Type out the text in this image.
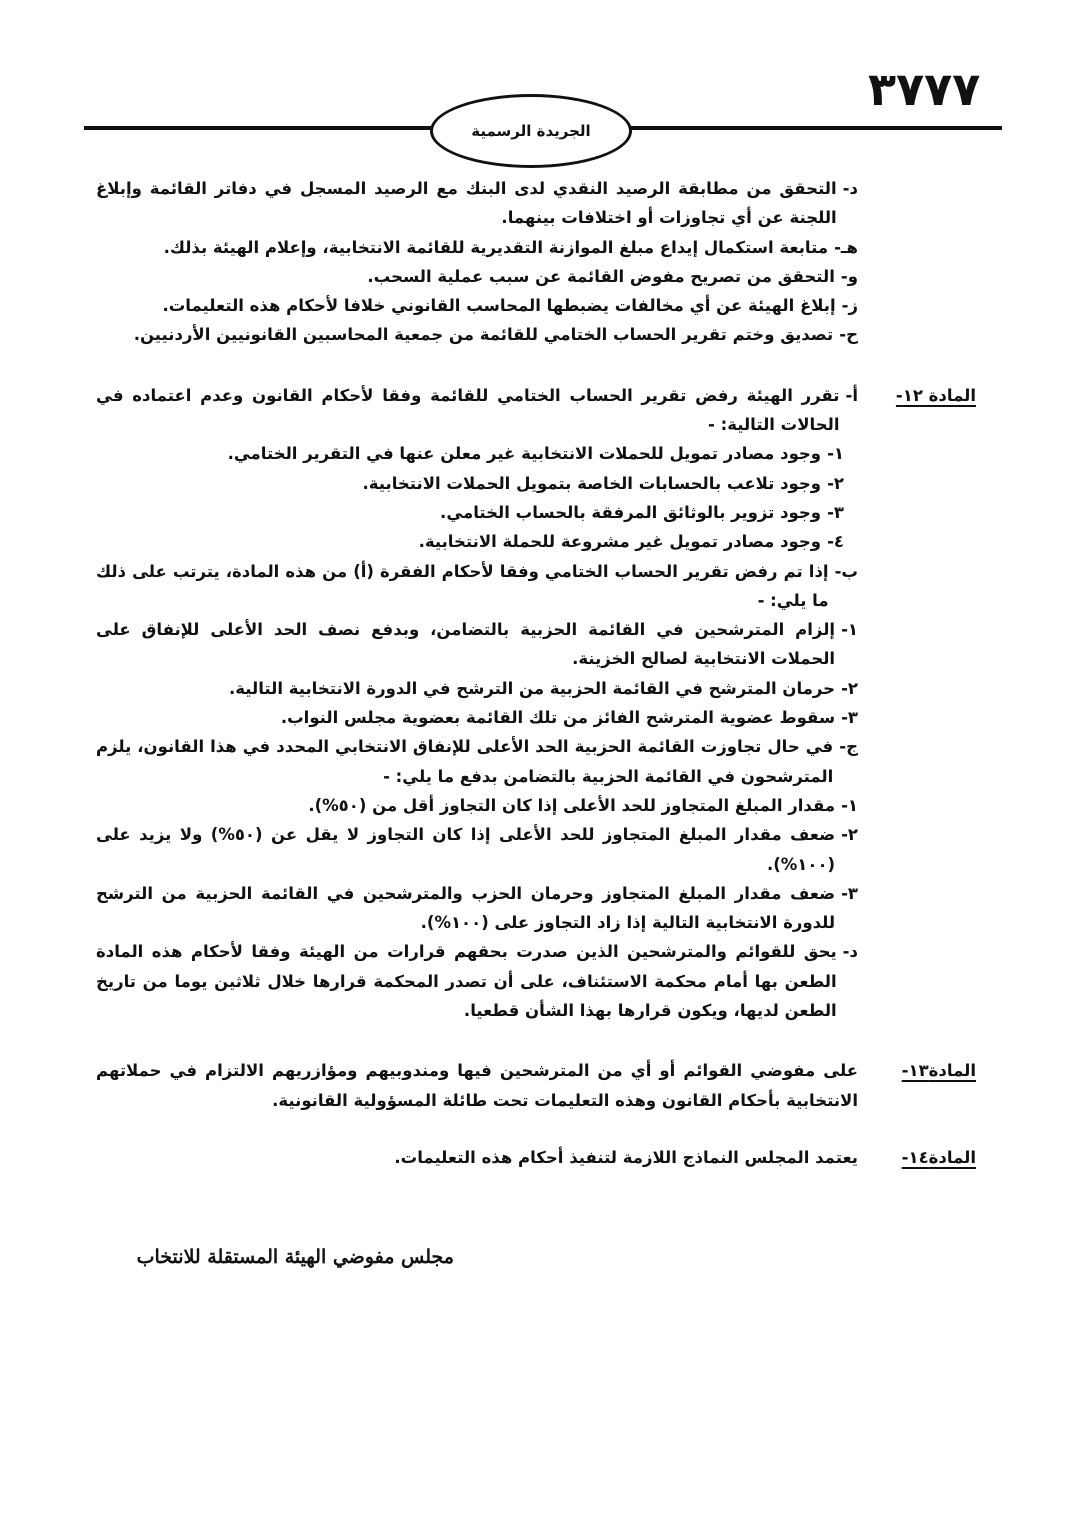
٣٧٧٧
الجريدة الرسمية
د-
التحقق من مطابقة الرصيد النقدي لدى البنك مع الرصيد المسجل في دفاتر القائمة وإبلاغ اللجنة عن أي تجاوزات أو اختلافات بينهما.
هـ-
متابعة استكمال إيداع مبلغ الموازنة التقديرية للقائمة الانتخابية، وإعلام الهيئة بذلك.
و-
التحقق من تصريح مفوض القائمة عن سبب عملية السحب.
ز-
إبلاغ الهيئة عن أي مخالفات يضبطها المحاسب القانوني خلافا لأحكام هذه التعليمات.
ح-
تصديق وختم تقرير الحساب الختامي للقائمة من جمعية المحاسبين القانونيين الأردنيين.
المادة ١٢-
أ-
تقرر الهيئة رفض تقرير الحساب الختامي للقائمة وفقا لأحكام القانون وعدم اعتماده في الحالات التالية: -
١-
وجود مصادر تمويل للحملات الانتخابية غير معلن عنها في التقرير الختامي.
٢-
وجود تلاعب بالحسابات الخاصة بتمويل الحملات الانتخابية.
٣-
وجود تزوير بالوثائق المرفقة بالحساب الختامي.
٤-
وجود مصادر تمويل غير مشروعة للحملة الانتخابية.
ب-
إذا تم رفض تقرير الحساب الختامي وفقا لأحكام الفقرة (أ) من هذه المادة، يترتب على ذلك ما يلي: -
١-
إلزام المترشحين في القائمة الحزبية بالتضامن، وبدفع نصف الحد الأعلى للإنفاق على الحملات الانتخابية لصالح الخزينة.
٢-
حرمان المترشح في القائمة الحزبية من الترشح في الدورة الانتخابية التالية.
٣-
سقوط عضوية المترشح الفائز من تلك القائمة بعضوية مجلس النواب.
ج-
في حال تجاوزت القائمة الحزبية الحد الأعلى للإنفاق الانتخابي المحدد في هذا القانون، يلزم المترشحون في القائمة الحزبية بالتضامن بدفع ما يلي: -
١-
مقدار المبلغ المتجاوز للحد الأعلى إذا كان التجاوز أقل من (٥٠%).
٢-
ضعف مقدار المبلغ المتجاوز للحد الأعلى إذا كان التجاوز لا يقل عن (٥٠%) ولا يزيد على (١٠٠%).
٣-
ضعف مقدار المبلغ المتجاوز وحرمان الحزب والمترشحين في القائمة الحزبية من الترشح للدورة الانتخابية التالية إذا زاد التجاوز على (١٠٠%).
د-
يحق للقوائم والمترشحين الذين صدرت بحقهم قرارات من الهيئة وفقا لأحكام هذه المادة الطعن بها أمام محكمة الاستئناف، على أن تصدر المحكمة قرارها خلال ثلاثين يوما من تاريخ الطعن لديها، ويكون قرارها بهذا الشأن قطعيا.
المادة١٣-
على مفوضي القوائم أو أي من المترشحين فيها ومندوبيهم ومؤازريهم الالتزام في حملاتهم الانتخابية بأحكام القانون وهذه التعليمات تحت طائلة المسؤولية القانونية.
المادة١٤-
يعتمد المجلس النماذج اللازمة لتنفيذ أحكام هذه التعليمات.
مجلس مفوضي الهيئة المستقلة للانتخاب
